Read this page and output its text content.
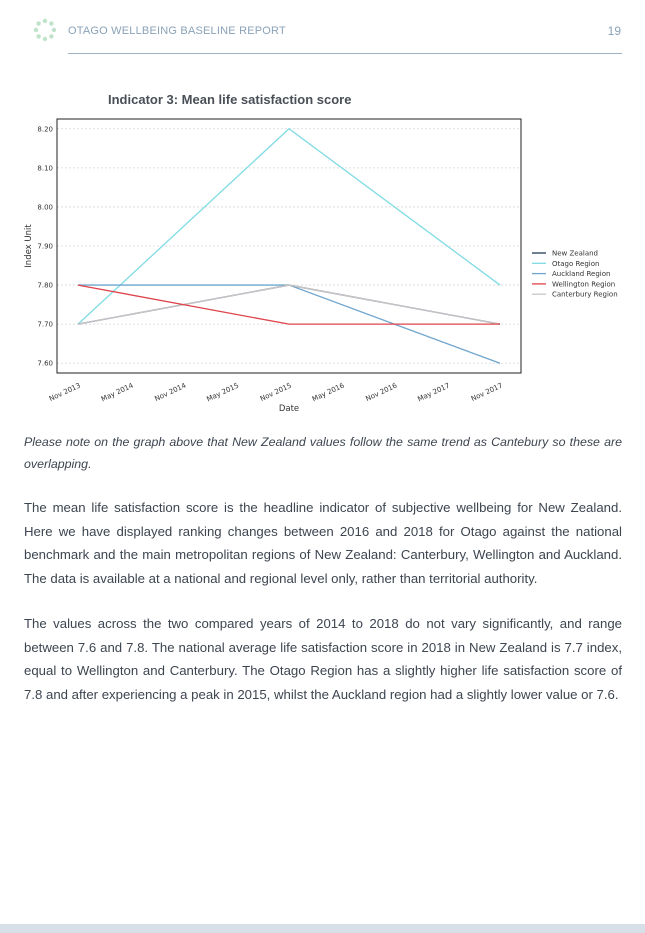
OTAGO WELLBEING BASELINE REPORT	19
Indicator 3: Mean life satisfaction score
7.60
7.70
7.80
7.90
8.00
8.10
8.20
Nov 2013	May 2014	Nov 2014	May 2015	Nov 2015	May 2016	Nov 2016	May 2017	Nov 2017
Date
Index Unit	New Zealand
Otago Region
Auckland Region
Wellington Region
Canterbury Region
Please note on the graph above that New Zealand values follow the same trend as Cantebury so these are overlapping.

The mean life satisfaction score is the headline indicator of subjective wellbeing for New Zealand. Here we have displayed ranking changes between 2016 and 2018 for Otago against the national benchmark and the main metropolitan regions of New Zealand: Canterbury, Wellington and Auckland. The data is available at a national and regional level only, rather than territorial authority.

The values across the two compared years of 2014 to 2018 do not vary significantly, and range between 7.6 and 7.8. The national average life satisfaction score in 2018 in New Zealand is 7.7 index, equal to Wellington and Canterbury. The Otago Region has a slightly higher life satisfaction score of 7.8 and after experiencing a peak in 2015, whilst the Auckland region had a slightly lower value or 7.6.
